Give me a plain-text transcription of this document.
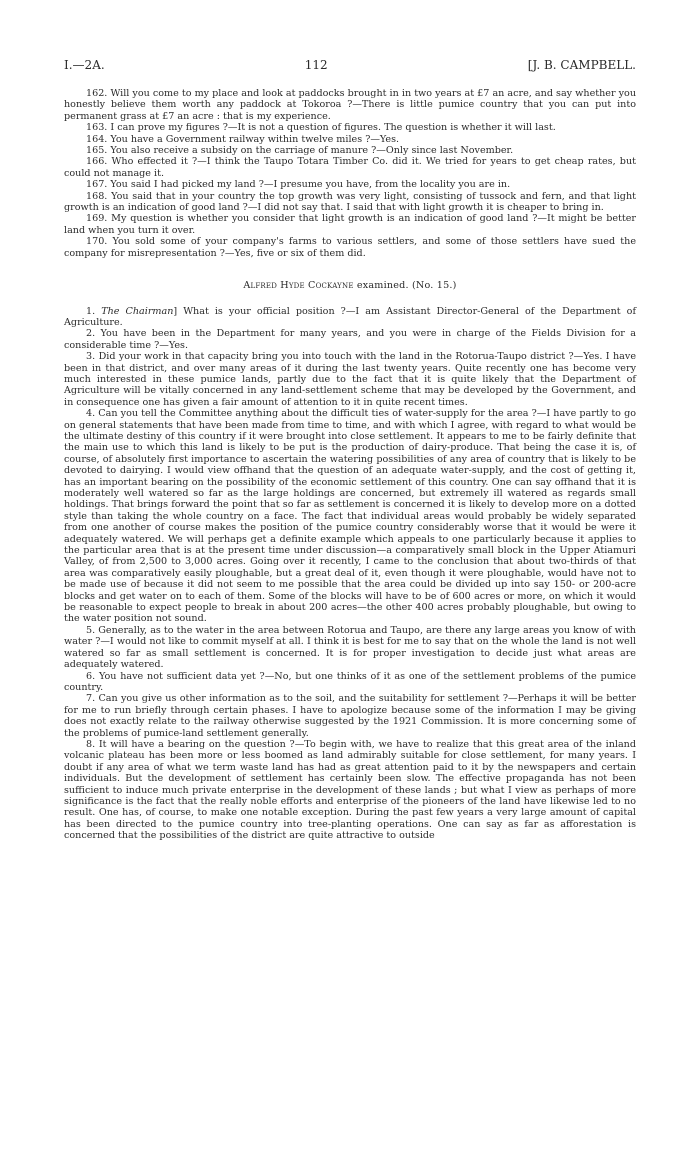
I.—2A.	112	[J. B. CAMPBELL.

162. Will you come to my place and look at paddocks brought in in two years at £7 an acre, and say whether you honestly believe them worth any paddock at Tokoroa ?—There is little pumice country that you can put into permanent grass at £7 an acre : that is my experience.

163. I can prove my figures ?—It is not a question of figures. The question is whether it will last.

164. You have a Government railway within twelve miles ?—Yes.

165. You also receive a subsidy on the carriage of manure ?—Only since last November.

166. Who effected it ?—I think the Taupo Totara Timber Co. did it. We tried for years to get cheap rates, but could not manage it.

167. You said I had picked my land ?—I presume you have, from the locality you are in.

168. You said that in your country the top growth was very light, consisting of tussock and fern, and that light growth is an indication of good land ?—I did not say that. I said that with light growth it is cheaper to bring in.

169. My question is whether you consider that light growth is an indication of good land ?—It might be better land when you turn it over.

170. You sold some of your company's farms to various settlers, and some of those settlers have sued the company for misrepresentation ?—Yes, five or six of them did.

Alfred Hyde Cockayne examined. (No. 15.)

1. The Chairman] What is your official position ?—I am Assistant Director-General of the Department of Agriculture.

2. You have been in the Department for many years, and you were in charge of the Fields Division for a considerable time ?—Yes.

3. Did your work in that capacity bring you into touch with the land in the Rotorua-Taupo district ?—Yes. I have been in that district, and over many areas of it during the last twenty years. Quite recently one has become very much interested in these pumice lands, partly due to the fact that it is quite likely that the Department of Agriculture will be vitally concerned in any land-settlement scheme that may be developed by the Government, and in consequence one has given a fair amount of attention to it in quite recent times.

4. Can you tell the Committee anything about the difficult ties of water-supply for the area ?—I have partly to go on general statements that have been made from time to time, and with which I agree, with regard to what would be the ultimate destiny of this country if it were brought into close settlement. It appears to me to be fairly definite that the main use to which this land is likely to be put is the production of dairy-produce. That being the case it is, of course, of absolutely first importance to ascertain the watering possibilities of any area of country that is likely to be devoted to dairying. I would view offhand that the question of an adequate water-supply, and the cost of getting it, has an important bearing on the possibility of the economic settlement of this country. One can say offhand that it is moderately well watered so far as the large holdings are concerned, but extremely ill watered as regards small holdings. That brings forward the point that so far as settlement is concerned it is likely to develop more on a dotted style than taking the whole country on a face. The fact that individual areas would probably be widely separated from one another of course makes the position of the pumice country considerably worse that it would be were it adequately watered. We will perhaps get a definite example which appeals to one particularly because it applies to the particular area that is at the present time under discussion—a comparatively small block in the Upper Atiamuri Valley, of from 2,500 to 3,000 acres. Going over it recently, I came to the conclusion that about two-thirds of that area was comparatively easily ploughable, but a great deal of it, even though it were ploughable, would have not to be made use of because it did not seem to me possible that the area could be divided up into say 150- or 200-acre blocks and get water on to each of them. Some of the blocks will have to be of 600 acres or more, on which it would be reasonable to expect people to break in about 200 acres—the other 400 acres probably ploughable, but owing to the water position not sound.

5. Generally, as to the water in the area between Rotorua and Taupo, are there any large areas you know of with water ?—I would not like to commit myself at all. I think it is best for me to say that on the whole the land is not well watered so far as small settlement is concerned. It is for proper investigation to decide just what areas are adequately watered.

6. You have not sufficient data yet ?—No, but one thinks of it as one of the settlement problems of the pumice country.

7. Can you give us other information as to the soil, and the suitability for settlement ?—Perhaps it will be better for me to run briefly through certain phases. I have to apologize because some of the information I may be giving does not exactly relate to the railway otherwise suggested by the 1921 Commission. It is more concerning some of the problems of pumice-land settlement generally.

8. It will have a bearing on the question ?—To begin with, we have to realize that this great area of the inland volcanic plateau has been more or less boomed as land admirably suitable for close settlement, for many years. I doubt if any area of what we term waste land has had as great attention paid to it by the newspapers and certain individuals. But the development of settlement has certainly been slow. The effective propaganda has not been sufficient to induce much private enterprise in the development of these lands ; but what I view as perhaps of more significance is the fact that the really noble efforts and enterprise of the pioneers of the land have likewise led to no result. One has, of course, to make one notable exception. During the past few years a very large amount of capital has been directed to the pumice country into tree-planting operations. One can say as far as afforestation is concerned that the possibilities of the district are quite attractive to outside
